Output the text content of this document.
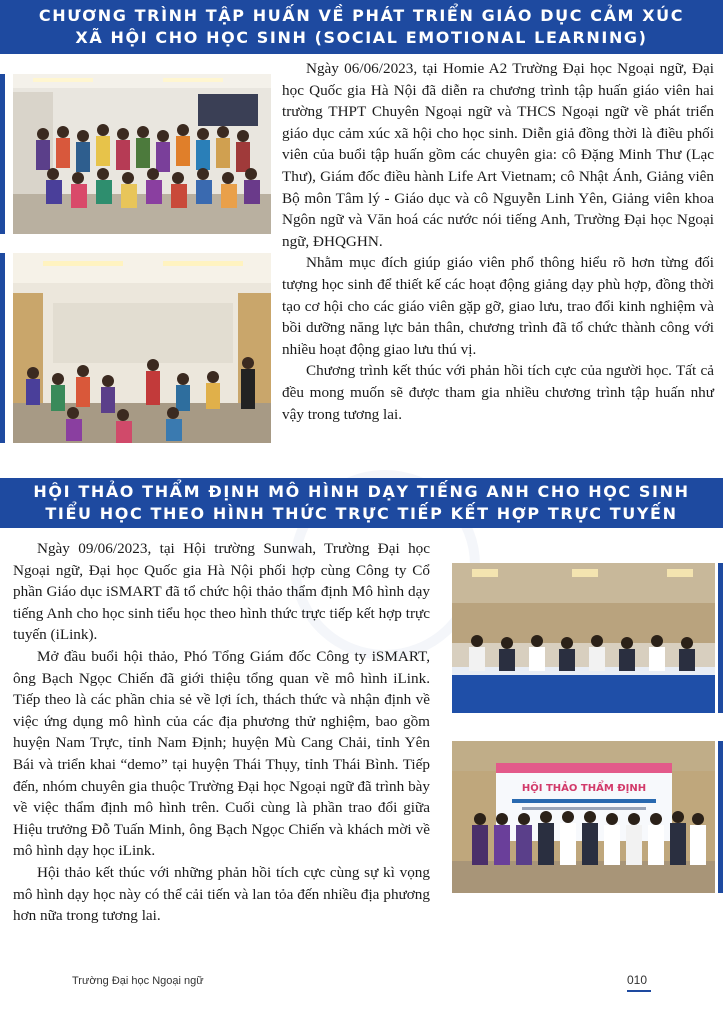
CHƯƠNG TRÌNH TẬP HUẤN VỀ PHÁT TRIỂN GIÁO DỤC CẢM XÚC
XÃ HỘI CHO HỌC SINH (SOCIAL EMOTIONAL LEARNING)

Ngày 06/06/2023, tại Homie A2 Trường Đại học Ngoại ngữ, Đại học Quốc gia Hà Nội đã diễn ra chương trình tập huấn giáo viên hai trường THPT Chuyên Ngoại ngữ và THCS Ngoại ngữ về phát triển giáo dục cảm xúc xã hội cho học sinh. Diễn giả đồng thời là điều phối viên của buổi tập huấn gồm các chuyên gia: cô Đặng Minh Thư (Lạc Thư), Giám đốc điều hành Life Art Vietnam; cô Nhật Ánh, Giảng viên Bộ môn Tâm lý - Giáo dục và cô Nguyễn Linh Yên, Giảng viên khoa Ngôn ngữ và Văn hoá các nước nói tiếng Anh, Trường Đại học Ngoại ngữ, ĐHQGHN.

Nhằm mục đích giúp giáo viên phổ thông hiểu rõ hơn từng đối tượng học sinh để thiết kế các hoạt động giảng dạy phù hợp, đồng thời tạo cơ hội cho các giáo viên gặp gỡ, giao lưu, trao đổi kinh nghiệm và bồi dưỡng năng lực bản thân, chương trình đã tổ chức thành công với nhiều hoạt động giao lưu thú vị.

Chương trình kết thúc với phản hồi tích cực của người học. Tất cả đều mong muốn sẽ được tham gia nhiều chương trình tập huấn như vậy trong tương lai.

HỘI THẢO THẨM ĐỊNH MÔ HÌNH DẠY TIẾNG ANH CHO HỌC SINH
TIỂU HỌC THEO HÌNH THỨC TRỰC TIẾP KẾT HỢP TRỰC TUYẾN

Ngày 09/06/2023, tại Hội trường Sunwah, Trường Đại học Ngoại ngữ, Đại học Quốc gia Hà Nội phối hợp cùng Công ty Cổ phần Giáo dục iSMART đã tổ chức hội thảo thẩm định Mô hình dạy tiếng Anh cho học sinh tiểu học theo hình thức trực tiếp kết hợp trực tuyến (iLink).

Mở đầu buổi hội thảo, Phó Tổng Giám đốc Công ty iSMART, ông Bạch Ngọc Chiến đã giới thiệu tổng quan về mô hình iLink. Tiếp theo là các phần chia sẻ về lợi ích, thách thức và nhận định về việc ứng dụng mô hình của các địa phương thử nghiệm, bao gồm huyện Nam Trực, tỉnh Nam Định; huyện Mù Cang Chải, tỉnh Yên Bái và triển khai “demo” tại huyện Thái Thụy, tỉnh Thái Bình. Tiếp đến, nhóm chuyên gia thuộc Trường Đại học Ngoại ngữ đã trình bày về việc thẩm định mô hình trên. Cuối cùng là phần trao đổi giữa Hiệu trưởng Đỗ Tuấn Minh, ông Bạch Ngọc Chiến và khách mời về mô hình dạy học iLink.

Hội thảo kết thúc với những phản hồi tích cực cùng sự kì vọng mô hình dạy học này có thể cải tiến và lan tỏa đến nhiều địa phương hơn nữa trong tương lai.

HỘI THẢO THẨM ĐỊNH
Trường Đại học Ngoại ngữ	010
